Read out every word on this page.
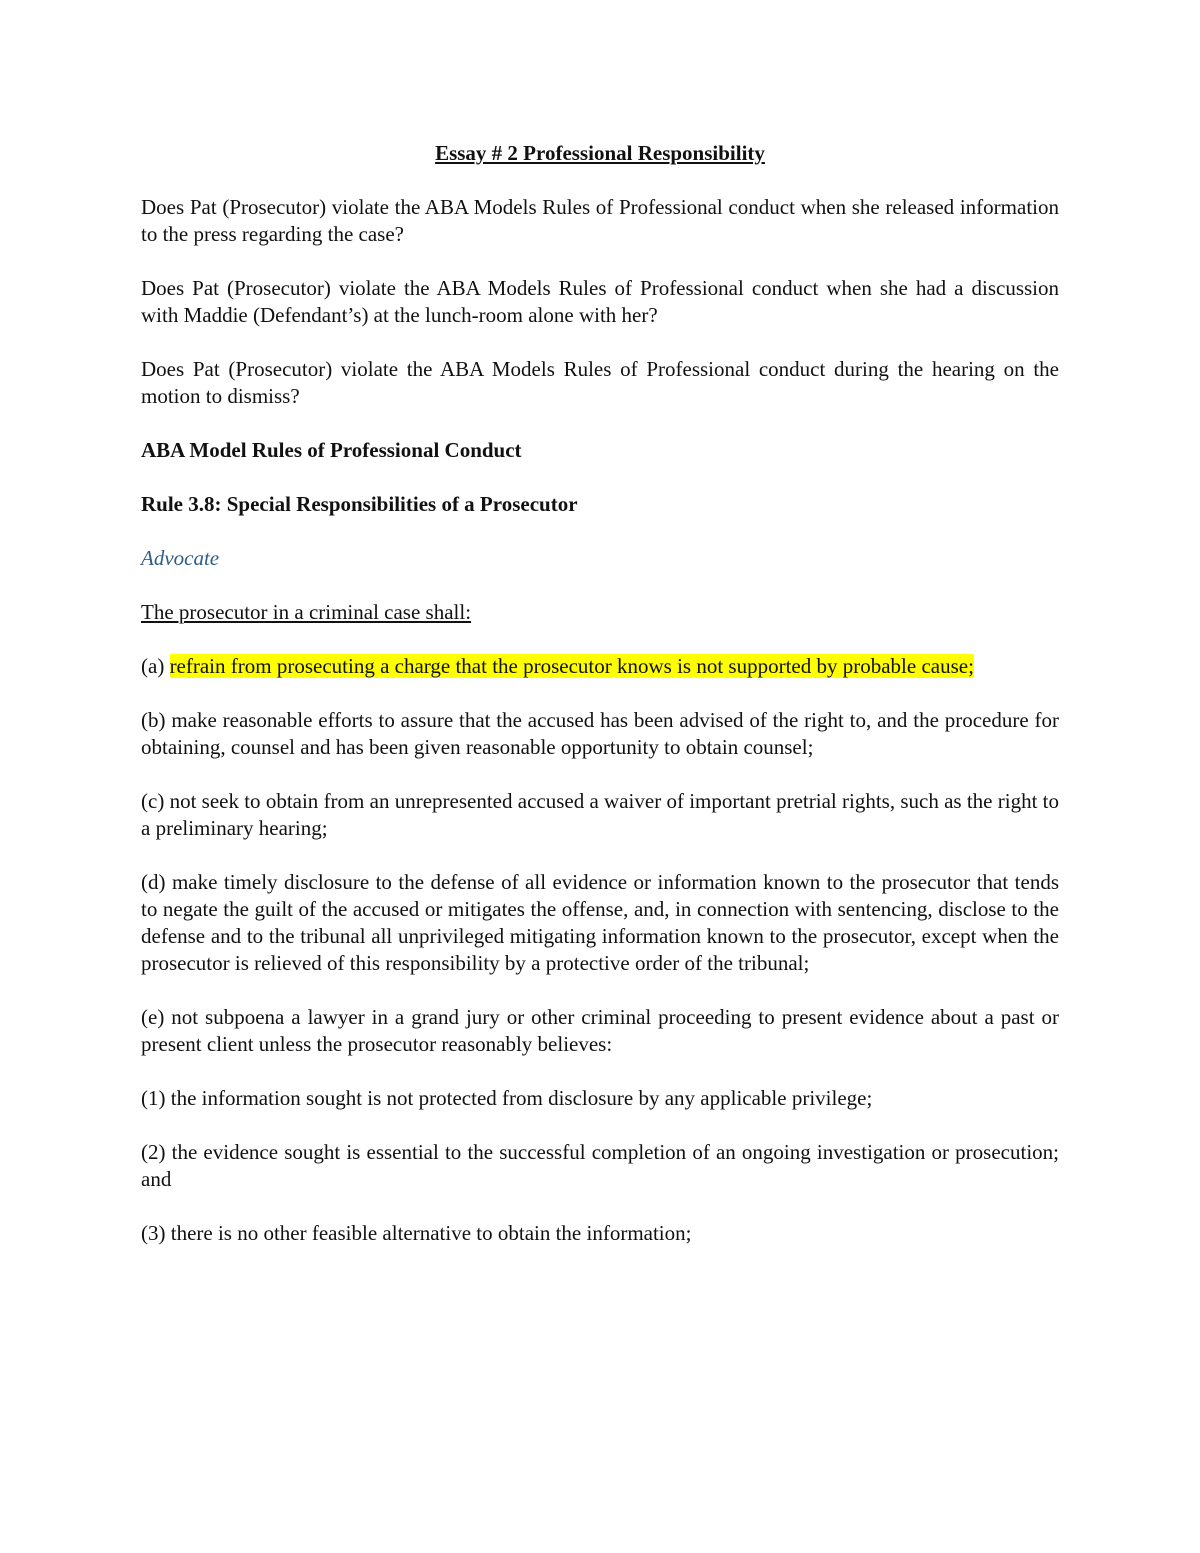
Essay # 2 Professional Responsibility

Does Pat (Prosecutor) violate the ABA Models Rules of Professional conduct when she released information to the press regarding the case?

Does Pat (Prosecutor) violate the ABA Models Rules of Professional conduct when she had a discussion with Maddie (Defendant’s) at the lunch-room alone with her?

Does Pat (Prosecutor) violate the ABA Models Rules of Professional conduct during the hearing on the motion to dismiss?

ABA Model Rules of Professional Conduct

Rule 3.8: Special Responsibilities of a Prosecutor

Advocate

The prosecutor in a criminal case shall:

(a) refrain from prosecuting a charge that the prosecutor knows is not supported by probable cause;

(b) make reasonable efforts to assure that the accused has been advised of the right to, and the procedure for obtaining, counsel and has been given reasonable opportunity to obtain counsel;

(c) not seek to obtain from an unrepresented accused a waiver of important pretrial rights, such as the right to a preliminary hearing;

(d) make timely disclosure to the defense of all evidence or information known to the prosecutor that tends to negate the guilt of the accused or mitigates the offense, and, in connection with sentencing, disclose to the defense and to the tribunal all unprivileged mitigating information known to the prosecutor, except when the prosecutor is relieved of this responsibility by a protective order of the tribunal;

(e) not subpoena a lawyer in a grand jury or other criminal proceeding to present evidence about a past or present client unless the prosecutor reasonably believes:

(1) the information sought is not protected from disclosure by any applicable privilege;

(2) the evidence sought is essential to the successful completion of an ongoing investigation or prosecution; and

(3) there is no other feasible alternative to obtain the information;
